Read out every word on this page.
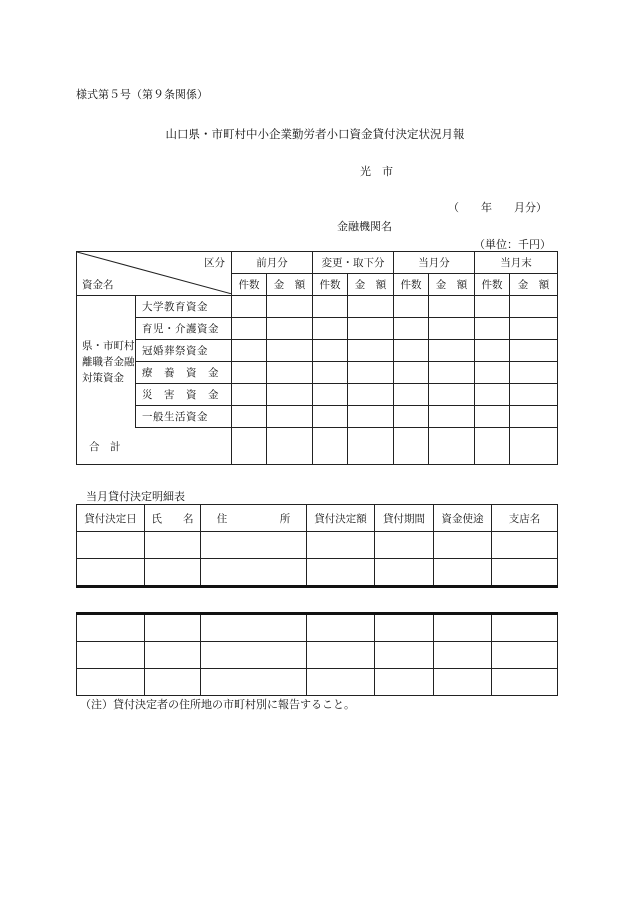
様式第５号（第９条関係）
山口県・市町村中小企業勤労者小口資金貸付決定状況月報
光　市
（　　年　　月分）
金融機関名
（単位：千円）
区分
資金名		前月分		変更・取下分		当月分		当月末	
		件数	金　額	件数	金　額	件数	金　額	件数	金　額
県・市町村離職者金融対策資金	大学教育資金								
	育児・介護資金								
	冠婚葬祭資金								
	療　養　資　金								
	災　害　資　金								
	一般生活資金								
合　計									
当月貸付決定明細表
貸付決定日	氏　　名	住　　　　　所	貸付決定額	貸付期間	資金使途	支店名

（注）貸付決定者の住所地の市町村別に報告すること。
